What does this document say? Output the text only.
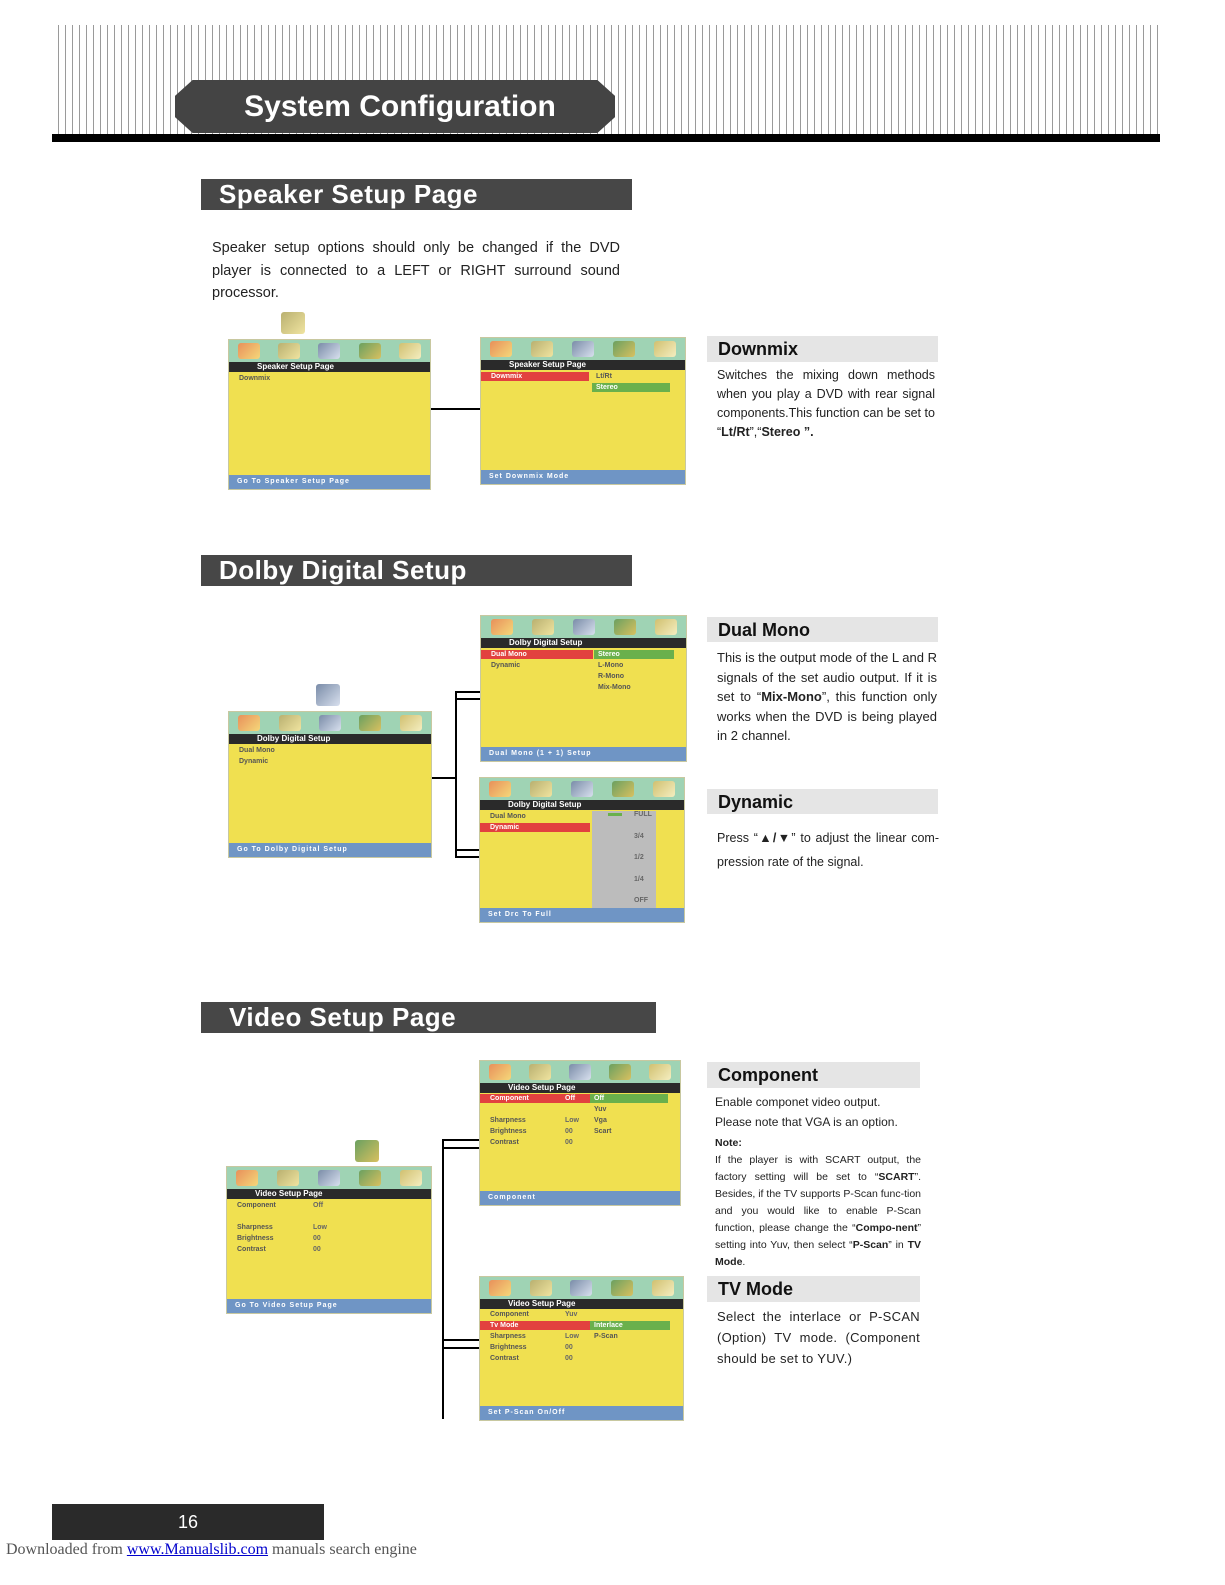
System Configuration
Speaker Setup Page
Speaker setup options should only be changed if the DVD player is connected to a LEFT or RIGHT surround sound processor.
Speaker Setup Page
Downmix
Go To Speaker Setup Page
Speaker Setup Page
Downmix	Lt/Rt
Stereo
Set Downmix Mode
Downmix
Switches the mixing down methods when you play a DVD with rear signal components.This function can be set to “Lt/Rt”,“Stereo ”.
Dolby Digital Setup
Dolby Digital Setup
Dual Mono
Dynamic
Go To Dolby Digital Setup
Dolby Digital Setup
Dual Mono
Dynamic
Stereo
L-Mono
R-Mono
Mix-Mono
Dual Mono (1 + 1) Setup
Dolby Digital Setup
Dual Mono
Dynamic
FULL
3/4
1/2
1/4
OFF
Set Drc To Full
Dual Mono
This is the output mode of the L and R signals of the set audio output. If it is set to “Mix-Mono”, this function only works when the DVD is being played in 2 channel.
Dynamic
Press “▲/▼” to adjust the linear com-pression rate of the signal.
Video Setup Page
Video Setup Page
Component	Off
Sharpness	Low
Brightness	00
Contrast	00
Go To Video Setup Page
Video Setup Page
Component	Off	Off
Yuv
Vga
Scart
Sharpness	Low
Brightness	00
Contrast	00
Component
Video Setup Page
Component	Yuv
Tv Mode	Interlace
P-Scan
Sharpness	Low
Brightness	00
Contrast	00
Set P-Scan On/Off
Component
Enable componet video output.
Please note that VGA is an option.
Note:
If the player is with SCART output, the factory setting will be set to “SCART”. Besides, if the TV supports P-Scan func-tion and you would like to enable P-Scan function, please change the “Compo-nent” setting into Yuv, then select “P-Scan” in TV Mode.
TV Mode
Select the interlace or P-SCAN (Option) TV mode. (Component should be set to YUV.)
16
Downloaded from www.Manualslib.com manuals search engine
